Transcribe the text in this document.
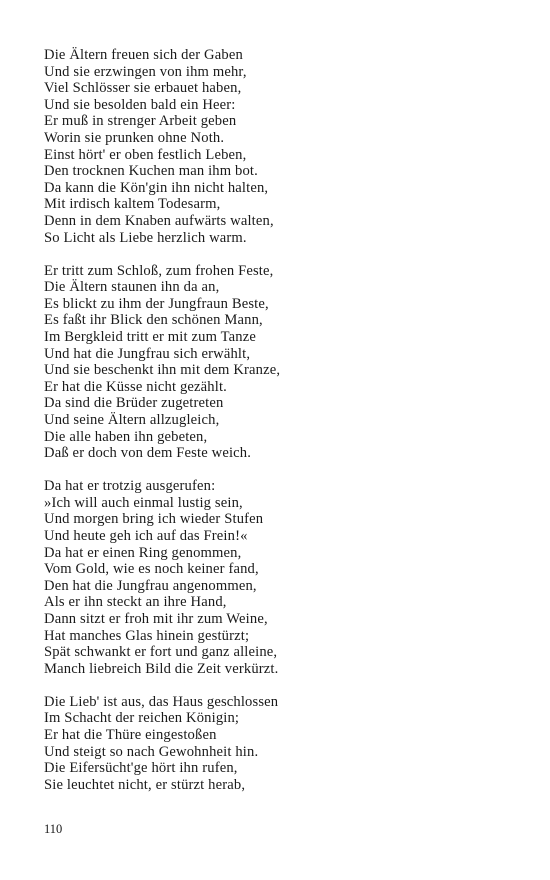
Die Ältern freuen sich der Gaben
Und sie erzwingen von ihm mehr,
Viel Schlösser sie erbauet haben,
Und sie besolden bald ein Heer:
Er muß in strenger Arbeit geben
Worin sie prunken ohne Noth.
Einst hört' er oben festlich Leben,
Den trocknen Kuchen man ihm bot.
Da kann die Kön'gin ihn nicht halten,
Mit irdisch kaltem Todesarm,
Denn in dem Knaben aufwärts walten,
So Licht als Liebe herzlich warm.
Er tritt zum Schloß, zum frohen Feste,
Die Ältern staunen ihn da an,
Es blickt zu ihm der Jungfraun Beste,
Es faßt ihr Blick den schönen Mann,
Im Bergkleid tritt er mit zum Tanze
Und hat die Jungfrau sich erwählt,
Und sie beschenkt ihn mit dem Kranze,
Er hat die Küsse nicht gezählt.
Da sind die Brüder zugetreten
Und seine Ältern allzugleich,
Die alle haben ihn gebeten,
Daß er doch von dem Feste weich.
Da hat er trotzig ausgerufen:
»Ich will auch einmal lustig sein,
Und morgen bring ich wieder Stufen
Und heute geh ich auf das Frein!«
Da hat er einen Ring genommen,
Vom Gold, wie es noch keiner fand,
Den hat die Jungfrau angenommen,
Als er ihn steckt an ihre Hand,
Dann sitzt er froh mit ihr zum Weine,
Hat manches Glas hinein gestürzt;
Spät schwankt er fort und ganz alleine,
Manch liebreich Bild die Zeit verkürzt.
Die Lieb' ist aus, das Haus geschlossen
Im Schacht der reichen Königin;
Er hat die Thüre eingestoßen
Und steigt so nach Gewohnheit hin.
Die Eifersücht'ge hört ihn rufen,
Sie leuchtet nicht, er stürzt herab,
110
